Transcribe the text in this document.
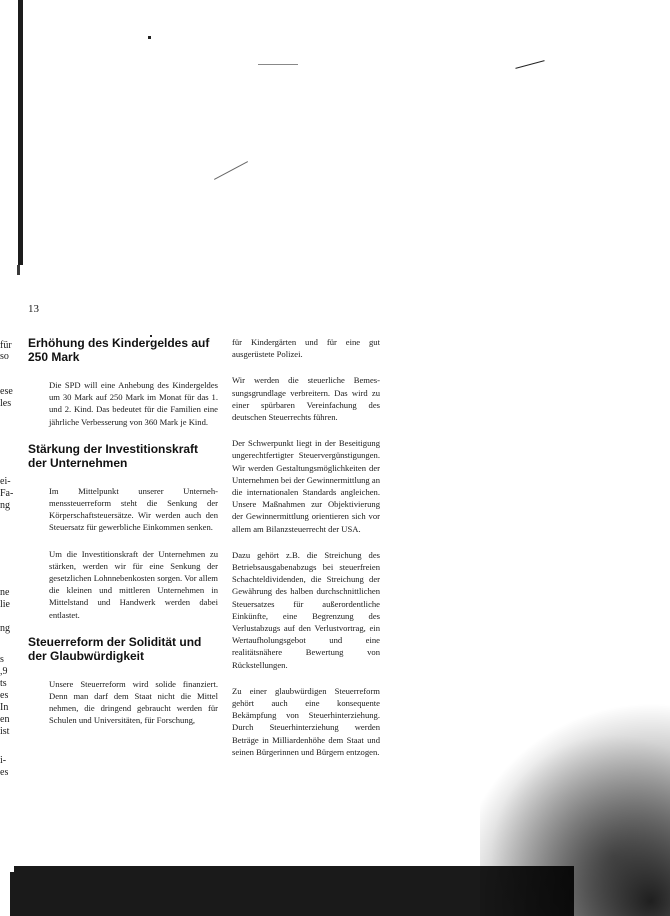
13

für

so

ese

les

ei-

Fa-

ng

ne

lie

ng

s

,9

ts

es

In

en

ist

i-

es

Erhöhung des Kindergeldes auf 250 Mark

Die SPD will eine Anhebung des Kindergeldes um 30 Mark auf 250 Mark im Monat für das 1. und 2. Kind. Das bedeutet für die Familien eine jährliche Verbesserung von 360 Mark je Kind.

Stärkung der Investitionskraft der Unternehmen

Im Mittelpunkt unserer Unternehmenssteuerreform steht die Senkung der Körperschaftsteuersätze. Wir werden auch den Steuersatz für gewerbliche Einkommen senken.

Um die Investitionskraft der Unternehmen zu stärken, werden wir für eine Senkung der gesetzlichen Lohnnebenkosten sorgen. Vor allem die kleinen und mittleren Unternehmen in Mittelstand und Handwerk werden dabei entlastet.

Steuerreform der Solidität und der Glaubwürdigkeit

Unsere Steuerreform wird solide finanziert. Denn man darf dem Staat nicht die Mittel nehmen, die dringend gebraucht werden für Schulen und Universitäten, für Forschung,

für Kindergärten und für eine gut ausgerüstete Polizei.

Wir werden die steuerliche Bemessungsgrundlage verbreitern. Das wird zu einer spürbaren Vereinfachung des deutschen Steuerrechts führen.

Der Schwerpunkt liegt in der Beseitigung ungerechtfertigter Steuervergünstigungen. Wir werden Gestaltungsmöglichkeiten der Unternehmen bei der Gewinnermittlung an die internationalen Standards angleichen. Unsere Maßnahmen zur Objektivierung der Gewinnermittlung orientieren sich vor allem am Bilanzsteuerrecht der USA.

Dazu gehört z.B. die Streichung des Betriebsausgabenabzugs bei steuerfreien Schachteldividenden, die Streichung der Gewährung des halben durchschnittlichen Steuersatzes für außerordentliche Einkünfte, eine Begrenzung des Verlustabzugs auf den Verlustvortrag, ein Wertaufholungsgebot und eine realitätsnähere Bewertung von Rückstellungen.

Zu einer glaubwürdigen Steuerreform gehört auch eine konsequente Bekämpfung von Steuerhinterziehung. Durch Steuerhinterziehung werden Beträge in Milliardenhöhe dem Staat und seinen Bürgerinnen und Bürgern entzogen.
